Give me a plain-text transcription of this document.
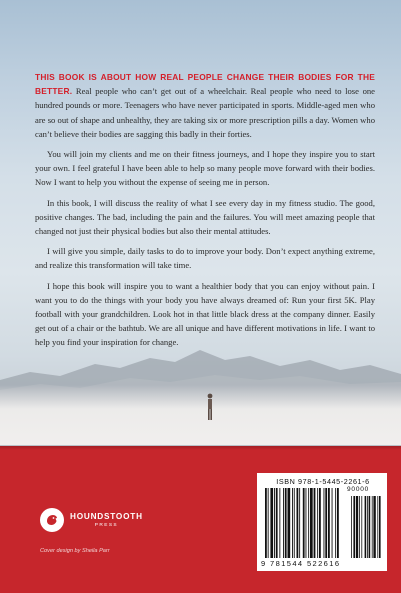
THIS BOOK IS ABOUT HOW REAL PEOPLE CHANGE THEIR BODIES FOR THE BETTER. Real people who can’t get out of a wheelchair. Real people who need to lose one hundred pounds or more. Teenagers who have never participated in sports. Middle-aged men who are so out of shape and unhealthy, they are taking six or more prescription pills a day. Women who can’t believe their bodies are sagging this badly in their forties.

You will join my clients and me on their fitness journeys, and I hope they inspire you to start your own. I feel grateful I have been able to help so many people move forward with their bodies. Now I want to help you without the expense of seeing me in person.

In this book, I will discuss the reality of what I see every day in my fitness studio. The good, positive changes. The bad, including the pain and the failures. You will meet amazing people that changed not just their physical bodies but also their mental attitudes.

I will give you simple, daily tasks to do to improve your body. Don’t expect anything extreme, and realize this transformation will take time.

I hope this book will inspire you to want a healthier body that you can enjoy without pain. I want you to do the things with your body you have always dreamed of: Run your first 5K. Play football with your grandchildren. Look hot in that little black dress at the company dinner. Easily get out of a chair or the bathtub. We are all unique and have different motivations in life. I want to help you find your inspiration for change.

HOUNDSTOOTH
PRESS
Cover design by Sheila Parr
ISBN 978-1-5445-2261-6
9 781544 522616
90000
